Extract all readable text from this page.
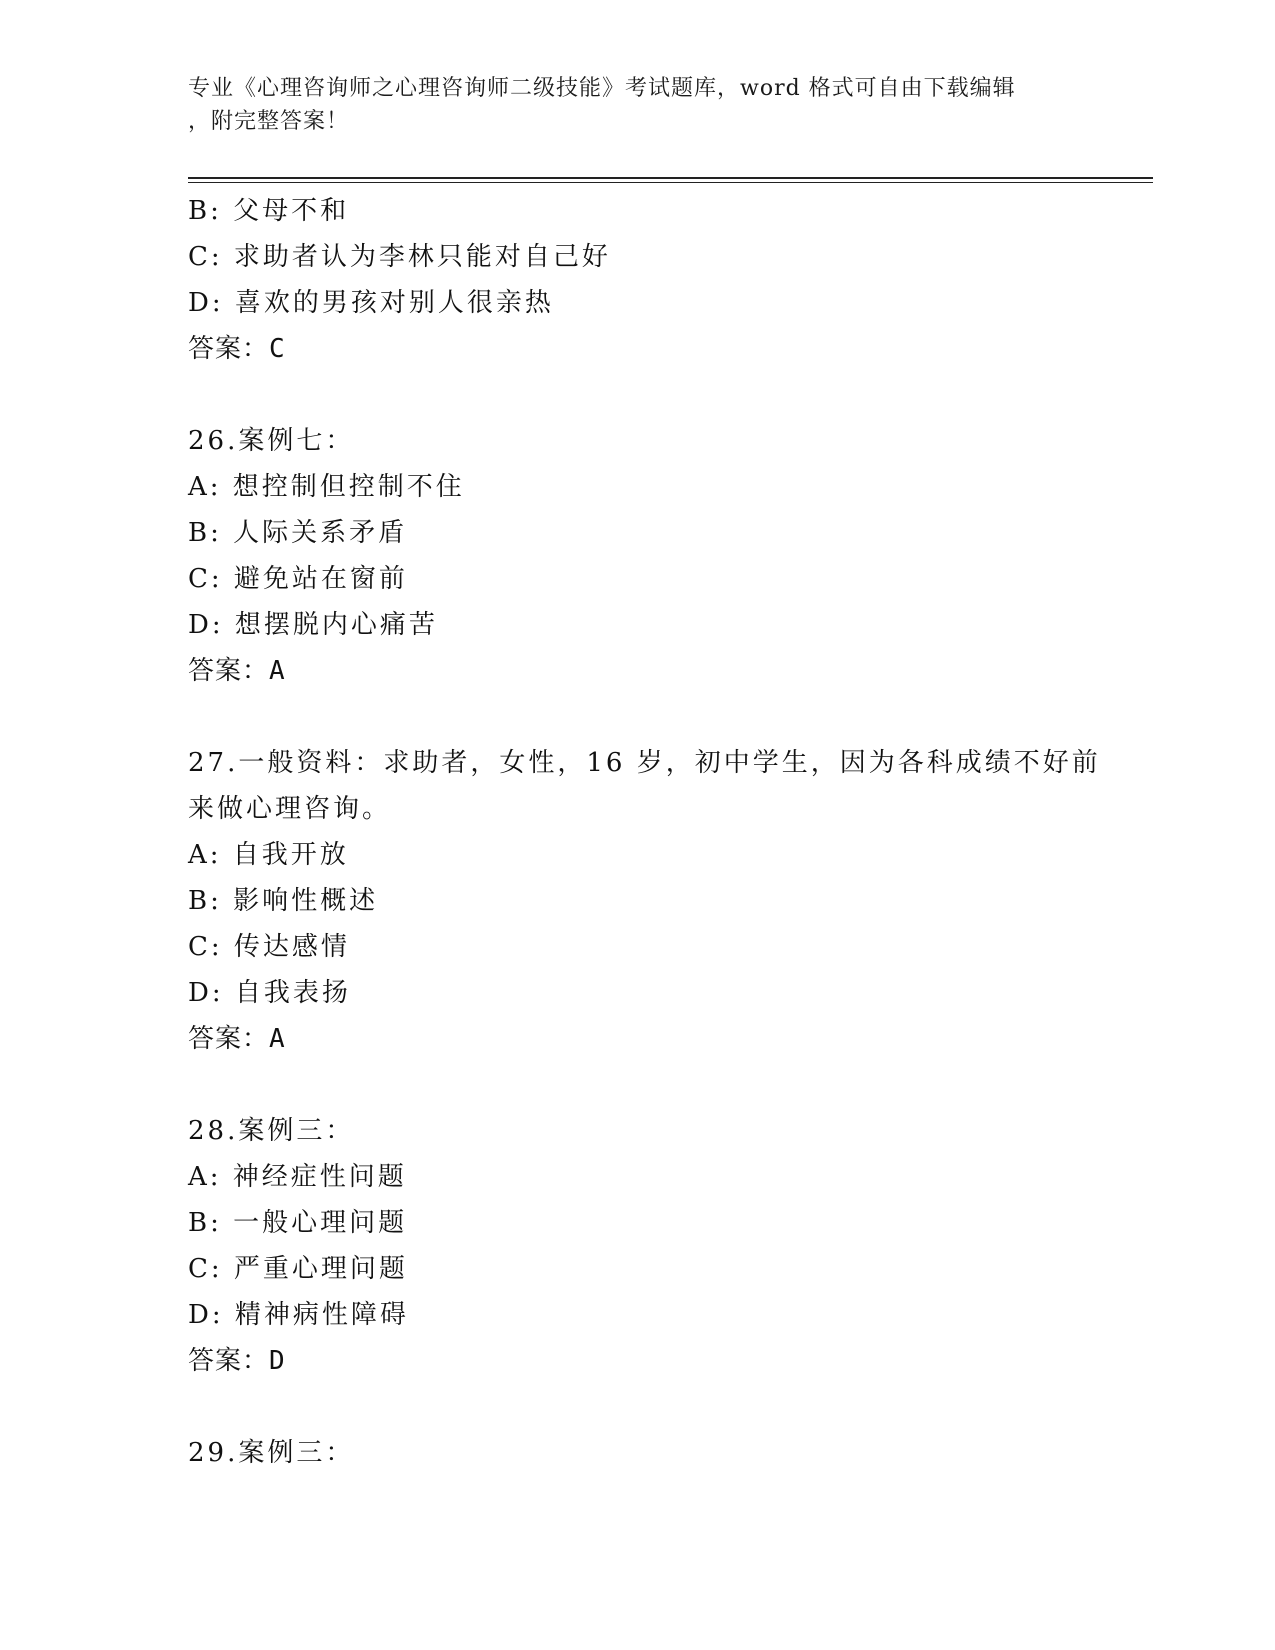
专业《心理咨询师之心理咨询师二级技能》考试题库，word 格式可自由下载编辑
，附完整答案！
B: 父母不和
C: 求助者认为李林只能对自己好
D: 喜欢的男孩对别人很亲热
答案：C
26.案例七：
A: 想控制但控制不住
B: 人际关系矛盾
C: 避免站在窗前
D: 想摆脱内心痛苦
答案：A
27.一般资料：求助者，女性，16 岁，初中学生，因为各科成绩不好前
来做心理咨询。
A: 自我开放
B: 影响性概述
C: 传达感情
D: 自我表扬
答案：A
28.案例三：
A: 神经症性问题
B: 一般心理问题
C: 严重心理问题
D: 精神病性障碍
答案：D
29.案例三：
